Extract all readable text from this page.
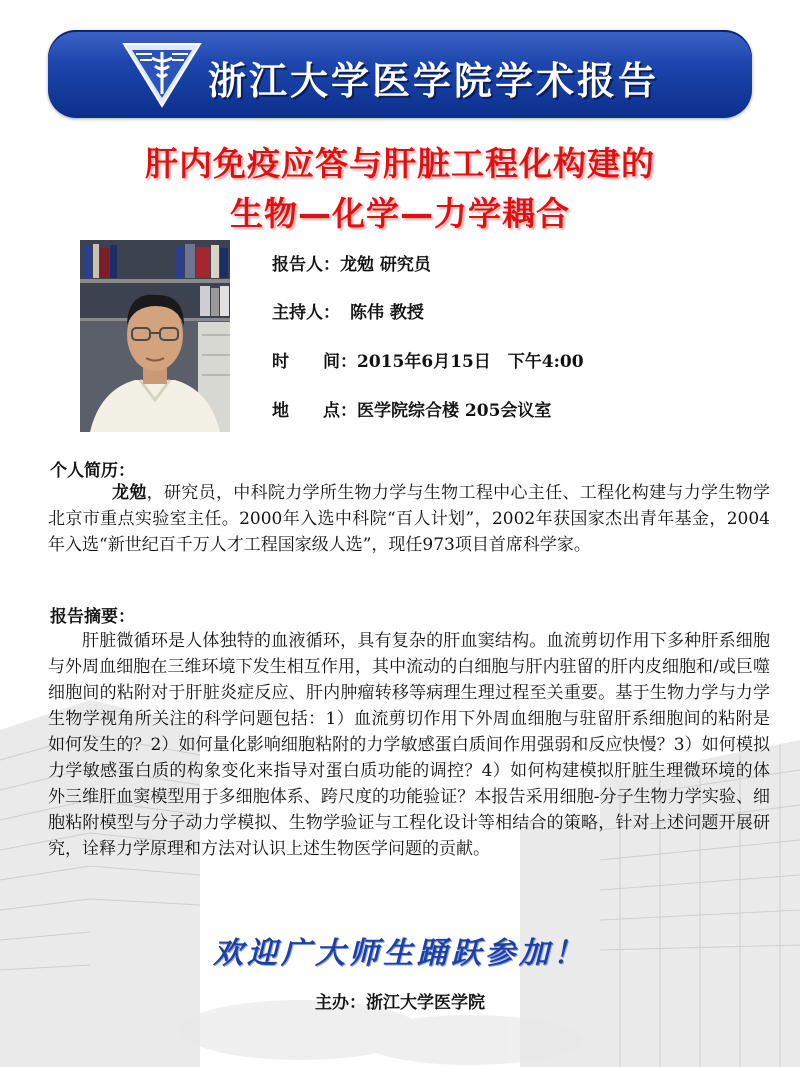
浙江大学医学院学术报告
肝内免疫应答与肝脏工程化构建的
生物—化学—力学耦合
报告人：龙勉 研究员
主持人： 陈伟 教授
时　　间：2015年6月15日　下午4:00
地　　点：医学院综合楼 205会议室
个人简历：

龙勉，研究员，中科院力学所生物力学与生物工程中心主任、工程化构建与力学生物学北京市重点实验室主任。2000年入选中科院“百人计划”，2002年获国家杰出青年基金，2004年入选“新世纪百千万人才工程国家级人选”，现任973项目首席科学家。

报告摘要：

肝脏微循环是人体独特的血液循环，具有复杂的肝血窦结构。血流剪切作用下多种肝系细胞与外周血细胞在三维环境下发生相互作用，其中流动的白细胞与肝内驻留的肝内皮细胞和/或巨噬细胞间的粘附对于肝脏炎症反应、肝内肿瘤转移等病理生理过程至关重要。基于生物力学与力学生物学视角所关注的科学问题包括：1）血流剪切作用下外周血细胞与驻留肝系细胞间的粘附是如何发生的？2）如何量化影响细胞粘附的力学敏感蛋白质间作用强弱和反应快慢？3）如何模拟力学敏感蛋白质的构象变化来指导对蛋白质功能的调控？4）如何构建模拟肝脏生理微环境的体外三维肝血窦模型用于多细胞体系、跨尺度的功能验证？本报告采用细胞-分子生物力学实验、细胞粘附模型与分子动力学模拟、生物学验证与工程化设计等相结合的策略，针对上述问题开展研究，诠释力学原理和方法对认识上述生物医学问题的贡献。

欢迎广大师生踊跃参加！
主办：浙江大学医学院
